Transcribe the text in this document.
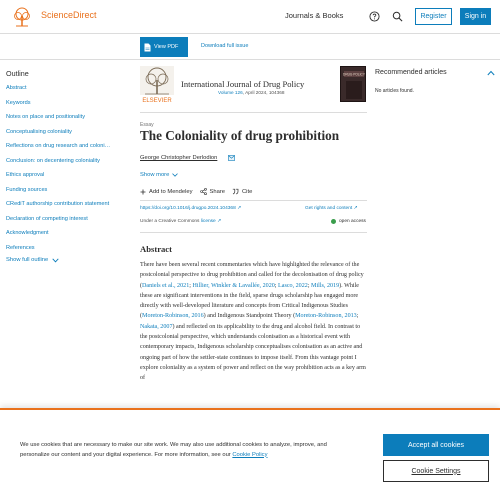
ScienceDirect	Journals & Books	Register	Sign in
View PDF	Download full issue
Outline
Abstract
Keywords
Notes on place and positionality
Conceptualising coloniality
Reflections on drug research and coloni…
Conclusion: on decentering coloniality
Ethics approval
Funding sources
CRediT authorship contribution statement
Declaration of competing interest
Acknowledgment
References
Show full outline
ELSEVIER
International Journal of Drug Policy
Volume 126, April 2024, 104368
DRUG POLICY
Essay
The Coloniality of drug prohibition
George Christopher Derlodion
Show more
Add to Mendeley	Share	Cite
https://doi.org/10.1016/j.drugpo.2024.104368 ↗	Get rights and content ↗
Under a Creative Commons license ↗	open access
Abstract

There have been several recent commentaries which have highlighted the relevance of the postcolonial perspective to drug prohibition and called for the decolonisation of drug policy (Daniels et al., 2021; Hillier, Winkler & Lavallée, 2020; Lasco, 2022; Mills, 2019). While these are significant interventions in the field, sparse drugs scholarship has engaged more directly with well-developed literature and concepts from Critical Indigenous Studies (Moreton-Robinson, 2016) and Indigenous Standpoint Theory (Moreton-Robinson, 2013; Nakata, 2007) and reflected on its applicability to the drug and alcohol field. In contrast to the postcolonial perspective, which understands colonisation as a historical event with contemporary impacts, Indigenous scholarship conceptualises colonisation as an active and ongoing part of how the settler-state continues to impose itself. From this vantage point I explore coloniality as a system of power and reflect on the way prohibition acts as a key arm of

Recommended articles
No articles found.
We use cookies that are necessary to make our site work. We may also use additional cookies to analyze, improve, and personalize our content and your digital experience. For more information, see our Cookie Policy
Accept all cookies
Cookie Settings
